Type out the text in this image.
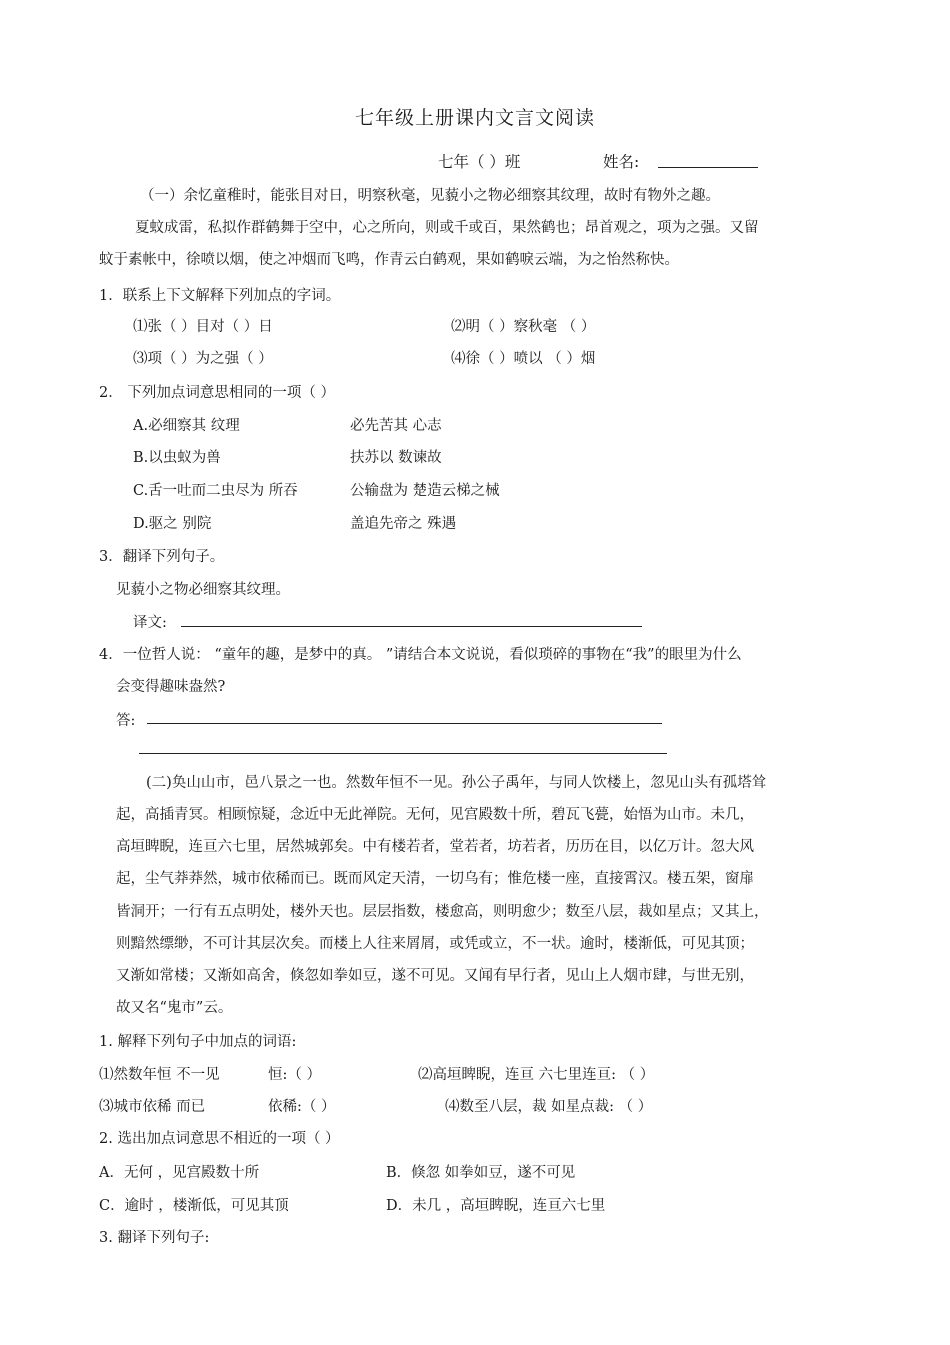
七年级上册课内文言文阅读
七年（ ）班	姓名:
（一）余忆童稚时，能张目对日，明察秋毫，见藐小之物必细察其纹理，故时有物外之趣。
夏蚊成雷，私拟作群鹤舞于空中，心之所向，则或千或百，果然鹤也；昂首观之，项为之强。又留
蚊于素帐中，徐喷以烟，使之冲烟而飞鸣，作青云白鹤观，果如鹤唳云端，为之怡然称快。
1．联系上下文解释下列加点的字词。
⑴张（ ）目对（ ）日	⑵明（ ）察秋毫 （ ）
⑶项（ ）为之强（ ）	⑷徐（ ）喷以 （ ）烟
2． 下列加点词意思相同的一项（ ）
A.必细察其 纹理	必先苦其 心志
B.以虫蚁为兽	扶苏以 数谏故
C.舌一吐而二虫尽为 所吞	公输盘为 楚造云梯之械
D.驱之 别院	盖追先帝之 殊遇
3．翻译下列句子。
见藐小之物必细察其纹理。
译文:
4．一位哲人说： “童年的趣，是梦中的真。 ”请结合本文说说，看似琐碎的事物在“我”的眼里为什么
会变得趣味盎然?
答:
(二)奂山山市，邑八景之一也。然数年恒不一见。孙公子禹年，与同人饮楼上，忽见山头有孤塔耸
起，高插青冥。相顾惊疑，念近中无此禅院。无何，见宫殿数十所，碧瓦飞甍，始悟为山市。未几，
高垣睥睨，连亘六七里，居然城郭矣。中有楼若者，堂若者，坊若者，历历在目，以亿万计。忽大风
起，尘气莽莽然，城市依稀而已。既而风定天清，一切乌有；惟危楼一座，直接霄汉。楼五架，窗扉
皆洞开；一行有五点明处，楼外天也。层层指数，楼愈高，则明愈少；数至八层，裁如星点；又其上，
则黯然缥缈，不可计其层次矣。而楼上人往来屑屑，或凭或立，不一状。逾时，楼渐低，可见其顶；
又渐如常楼；又渐如高舍，倏忽如拳如豆，遂不可见。又闻有早行者，见山上人烟市肆，与世无别，
故又名“鬼市”云。
1. 解释下列句子中加点的词语:
⑴然数年恒 不一见	恒:（ ）	⑵高垣睥睨，连亘 六七里连亘: （ ）
⑶城市依稀 而已	依稀:（ ）	⑷数至八层，裁 如星点裁: （ ）
2. 选出加点词意思不相近的一项（ ）
A．无何 ，见宫殿数十所	B．倏忽 如拳如豆，遂不可见
C．逾时 ，楼渐低，可见其顶	D．未几 ，高垣睥睨，连亘六七里
3. 翻译下列句子:
